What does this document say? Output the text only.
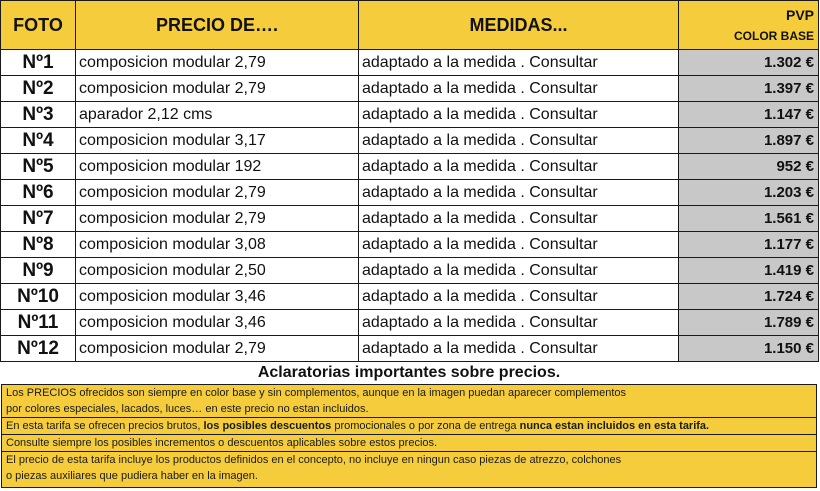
FOTO	PRECIO DE….	MEDIDAS...	PVP
COLOR BASE

Nº1	composicion modular 2,79	adaptado a la medida . Consultar	1.302 €
Nº2	composicion modular 2,79	adaptado a la medida . Consultar	1.397 €
Nº3	aparador 2,12 cms	adaptado a la medida . Consultar	1.147 €
Nº4	composicion modular 3,17	adaptado a la medida . Consultar	1.897 €
Nº5	composicion modular 192	adaptado a la medida . Consultar	952 €
Nº6	composicion modular 2,79	adaptado a la medida . Consultar	1.203 €
Nº7	composicion modular 2,79	adaptado a la medida . Consultar	1.561 €
Nº8	composicion modular 3,08	adaptado a la medida . Consultar	1.177 €
Nº9	composicion modular 2,50	adaptado a la medida . Consultar	1.419 €
Nº10	composicion modular 3,46	adaptado a la medida . Consultar	1.724 €
Nº11	composicion modular 3,46	adaptado a la medida . Consultar	1.789 €
Nº12	composicion modular 2,79	adaptado a la medida . Consultar	1.150 €
Aclaratorias importantes sobre precios.
Los PRECIOS ofrecidos son siempre en color base y sin complementos, aunque en la imagen puedan aparecer complementos
por colores especiales, lacados, luces… en este precio no estan incluidos.
En esta tarifa se ofrecen precios brutos, los posibles descuentos promocionales o por zona de entrega nunca estan incluidos en esta tarifa.
Consulte siempre los posibles incrementos o descuentos aplicables sobre estos precios.
El precio de esta tarifa incluye los productos definidos en el concepto, no incluye en ningun caso piezas de atrezzo, colchones
o piezas auxiliares que pudiera haber en la imagen.
